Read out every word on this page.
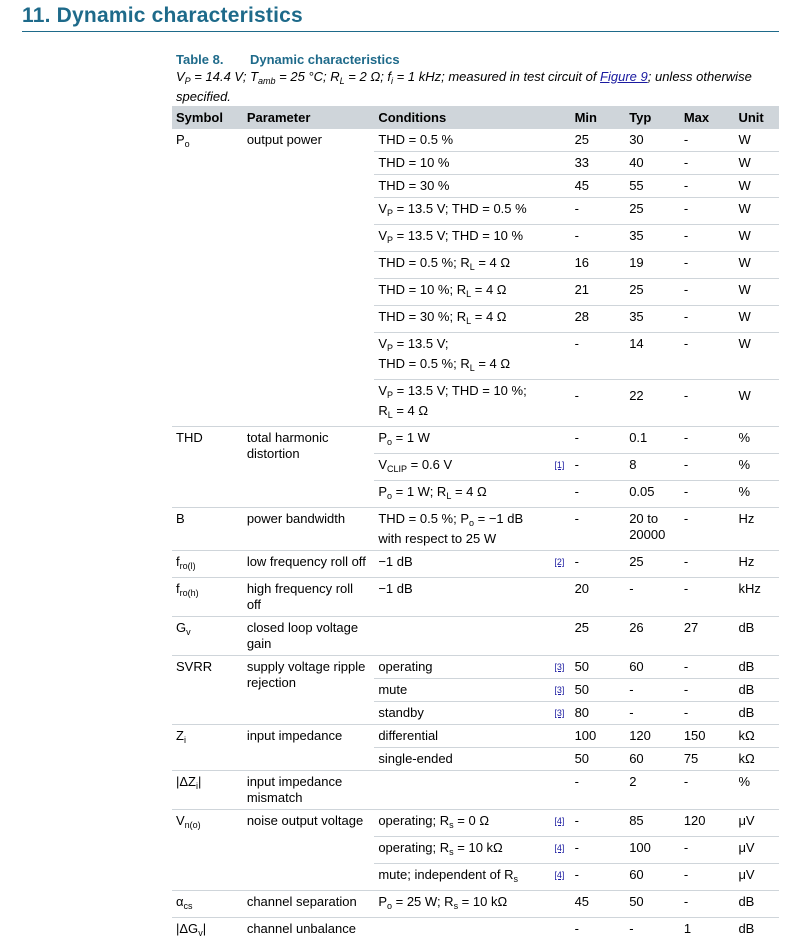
11. Dynamic characteristics
Table 8. Dynamic characteristics
$V_P = 14.4$ V; $T_{amb} = 25$ °C; $R_L = 2$ Ω; $f_i = 1$ kHz; measured in test circuit of Figure 9; unless otherwise specified.
Symbol	Parameter	Conditions		Min	Typ	Max	Unit
$P_o$	output power	THD = 0.5 %		25	30	-	W
		THD = 10 %		33	40	-	W
		THD = 30 %		45	55	-	W
		$V_P = 13.5$ V; THD = 0.5 %		-	25	-	W
		$V_P = 13.5$ V; THD = 10 %		-	35	-	W
		THD = 0.5 %; $R_L = 4$ Ω		16	19	-	W
		THD = 10 %; $R_L = 4$ Ω		21	25	-	W
		THD = 30 %; $R_L = 4$ Ω		28	35	-	W
		$V_P = 13.5$ V;
THD = 0.5 %; $R_L = 4$ Ω		-	14	-	W
		$V_P = 13.5$ V; THD = 10 %;
$R_L = 4$ Ω		-	22	-	W
THD	total harmonic distortion	$P_o = 1$ W		-	0.1	-	%
		$V_{CLIP} = 0.6$ V	[1]	-	8	-	%
		$P_o = 1$ W; $R_L = 4$ Ω		-	0.05	-	%
B	power bandwidth	THD = 0.5 %; $P_o = -1$ dB
with respect to 25 W		-	20 to 20000	-	Hz
$f_{ro(l)}$	low frequency roll off	−1 dB	[2]	-	25	-	Hz
$f_{ro(h)}$	high frequency roll off	−1 dB		20	-	-	kHz
$G_v$	closed loop voltage gain			25	26	27	dB
SVRR	supply voltage ripple rejection	operating	[3]	50	60	-	dB
		mute	[3]	50	-	-	dB
		standby	[3]	80	-	-	dB
$Z_i$	input impedance	differential		100	120	150	kΩ
		single-ended		50	60	75	kΩ
$|\Delta Z_i|$	input impedance mismatch			-	2	-	%
$V_{n(o)}$	noise output voltage	operating; $R_s = 0$ Ω	[4]	-	85	120	μV
		operating; $R_s = 10$ kΩ	[4]	-	100	-	μV
		mute; independent of $R_s$	[4]	-	60	-	μV
$\alpha_{cs}$	channel separation	$P_o = 25$ W; $R_s = 10$ kΩ		45	50	-	dB
$|\Delta G_v|$	channel unbalance			-	-	1	dB
